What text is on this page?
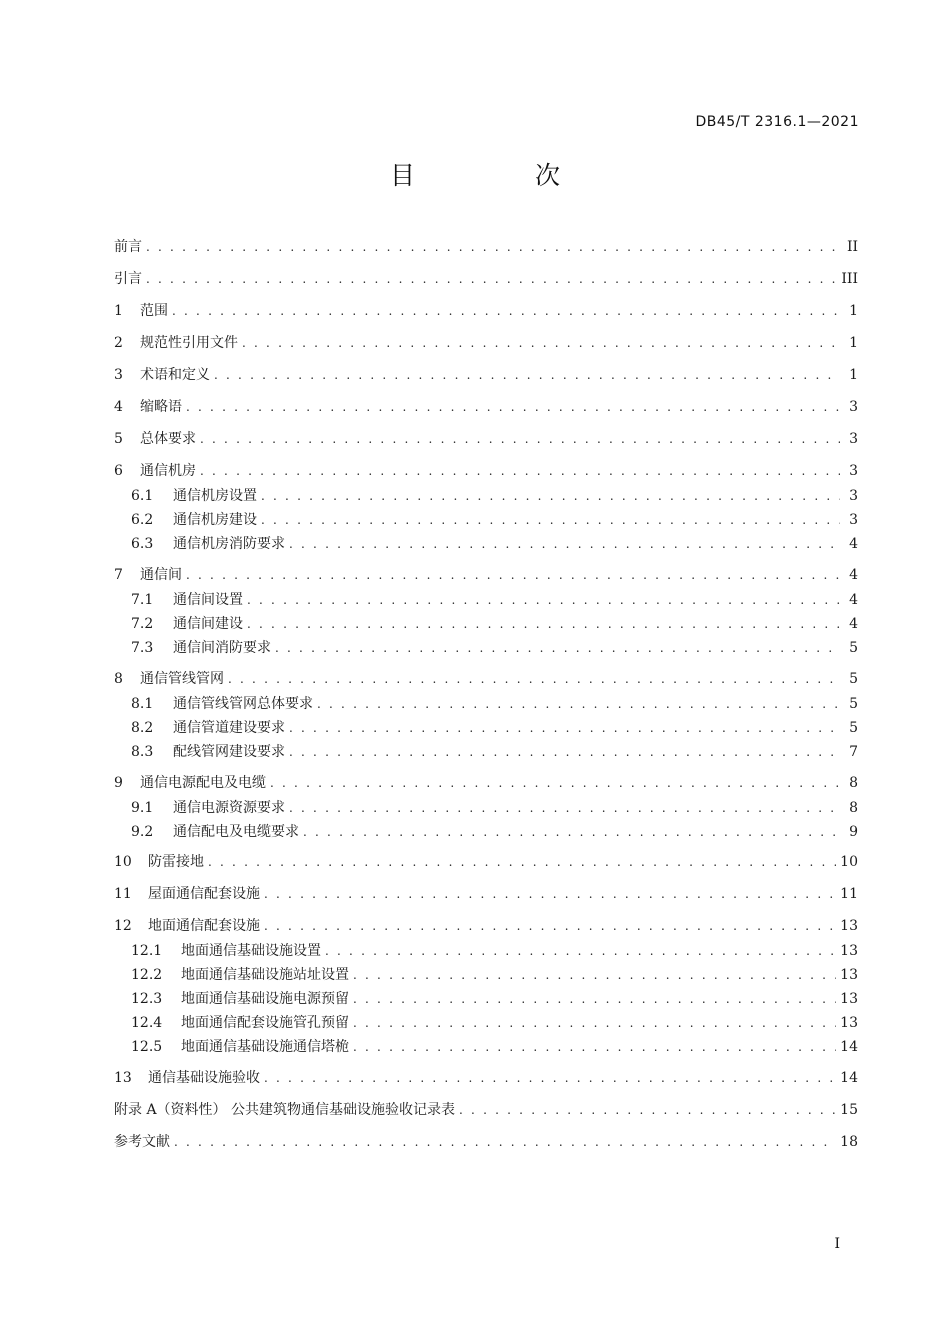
DB45/T 2316.1—2021
目 次
前言 . . .	II
引言 . . .	III
1	范围 . . .	1
2	规范性引用文件 . . .	1
3	术语和定义 . . .	1
4	缩略语 . . .	3
5	总体要求 . . .	3
6	通信机房 . . .	3
6.1	通信机房设置 . . .	3
6.2	通信机房建设 . . .	3
6.3	通信机房消防要求 . . .	4
7	通信间 . . .	4
7.1	通信间设置 . . .	4
7.2	通信间建设 . . .	4
7.3	通信间消防要求 . . .	5
8	通信管线管网 . . .	5
8.1	通信管线管网总体要求 . . .	5
8.2	通信管道建设要求 . . .	5
8.3	配线管网建设要求 . . .	7
9	通信电源配电及电缆 . . .	8
9.1	通信电源资源要求 . . .	8
9.2	通信配电及电缆要求 . . .	9
10	防雷接地 . . .	10
11	屋面通信配套设施 . . .	11
12	地面通信配套设施 . . .	13
12.1	地面通信基础设施设置 . . .	13
12.2	地面通信基础设施站址设置 . . .	13
12.3	地面通信基础设施电源预留 . . .	13
12.4	地面通信配套设施管孔预留 . . .	13
12.5	地面通信基础设施通信塔桅 . . .	14
13	通信基础设施验收 . . .	14
附录 A（资料性） 公共建筑物通信基础设施验收记录表 . . .	15
参考文献 . . .	18
I
